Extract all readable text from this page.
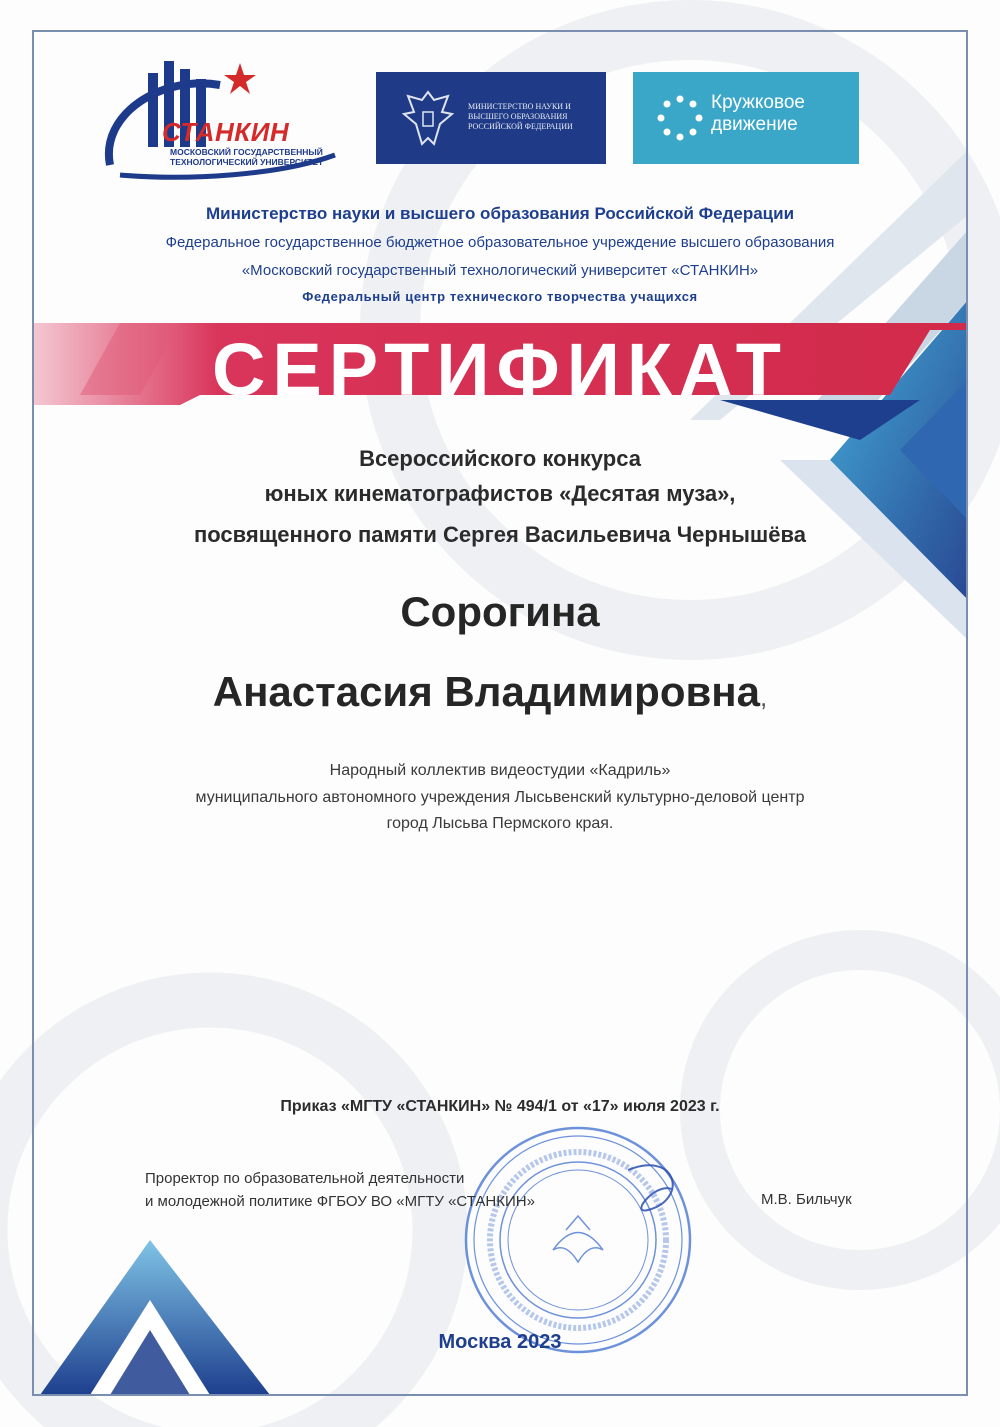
СТАНКИН
МОСКОВСКИЙ ГОСУДАРСТВЕННЫЙ ТЕХНОЛОГИЧЕСКИЙ УНИВЕРСИТЕТ
МИНИСТЕРСТВО НАУКИ И ВЫСШЕГО ОБРАЗОВАНИЯ РОССИЙСКОЙ ФЕДЕРАЦИИ
Кружковое
движение
Министерство науки и высшего образования Российской Федерации
Федеральное государственное бюджетное образовательное учреждение высшего образования
«Московский государственный технологический университет «СТАНКИН»
Федеральный центр технического творчества учащихся
СЕРТИФИКАТ
Всероссийского конкурса
юных кинематографистов «Десятая муза»,
посвященного памяти Сергея Васильевича Чернышёва
Сорогина
Анастасия Владимировна,
Народный коллектив видеостудии «Кадриль»
муниципального автономного учреждения Лысьвенский культурно-деловой центр
город Лысьва Пермского края.
Приказ «МГТУ «СТАНКИН» № 494/1 от «17» июля 2023 г.
Проректор по образовательной деятельности
и молодежной политике ФГБОУ ВО «МГТУ «СТАНКИН»	М.В. Бильчук
Москва 2023
